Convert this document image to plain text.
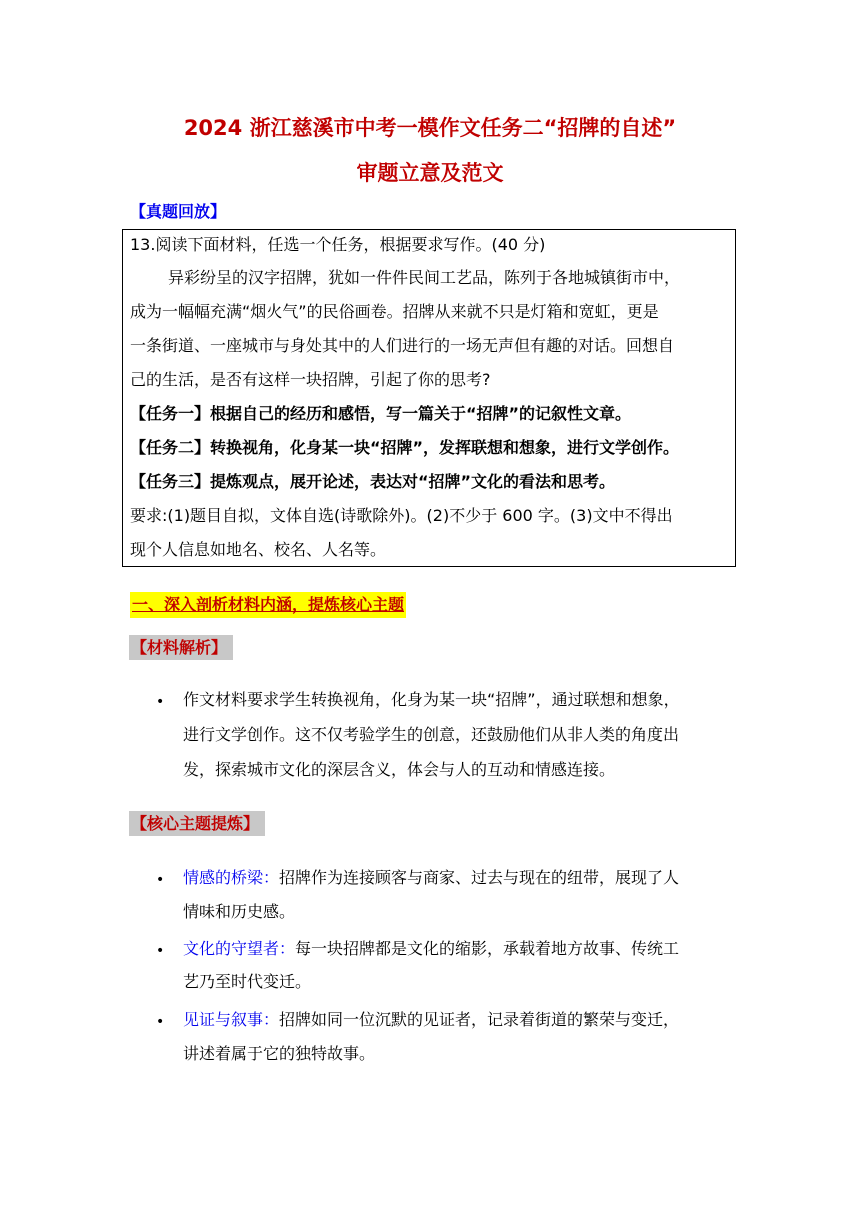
2024 浙江慈溪市中考一模作文任务二“招牌的自述”
审题立意及范文
【真题回放】
13.阅读下面材料，任选一个任务，根据要求写作。(40 分)
异彩纷呈的汉字招牌，犹如一件件民间工艺品，陈列于各地城镇街市中，
成为一幅幅充满“烟火气”的民俗画卷。招牌从来就不只是灯箱和宽虹，更是
一条街道、一座城市与身处其中的人们进行的一场无声但有趣的对话。回想自
己的生活，是否有这样一块招牌，引起了你的思考?
【任务一】根据自己的经历和感悟，写一篇关于“招牌”的记叙性文章。
【任务二】转换视角，化身某一块“招牌”，发挥联想和想象，进行文学创作。
【任务三】提炼观点，展开论述，表达对“招牌”文化的看法和思考。
要求:(1)题目自拟，文体自选(诗歌除外)。(2)不少于 600 字。(3)文中不得出
现个人信息如地名、校名、人名等。
一、深入剖析材料内涵，提炼核心主题
【材料解析】
• 作文材料要求学生转换视角，化身为某一块“招牌”，通过联想和想象，
进行文学创作。这不仅考验学生的创意，还鼓励他们从非人类的角度出
发，探索城市文化的深层含义，体会与人的互动和情感连接。
【核心主题提炼】
• 情感的桥梁：招牌作为连接顾客与商家、过去与现在的纽带，展现了人
情味和历史感。
• 文化的守望者：每一块招牌都是文化的缩影，承载着地方故事、传统工
艺乃至时代变迁。
• 见证与叙事：招牌如同一位沉默的见证者，记录着街道的繁荣与变迁，
讲述着属于它的独特故事。
